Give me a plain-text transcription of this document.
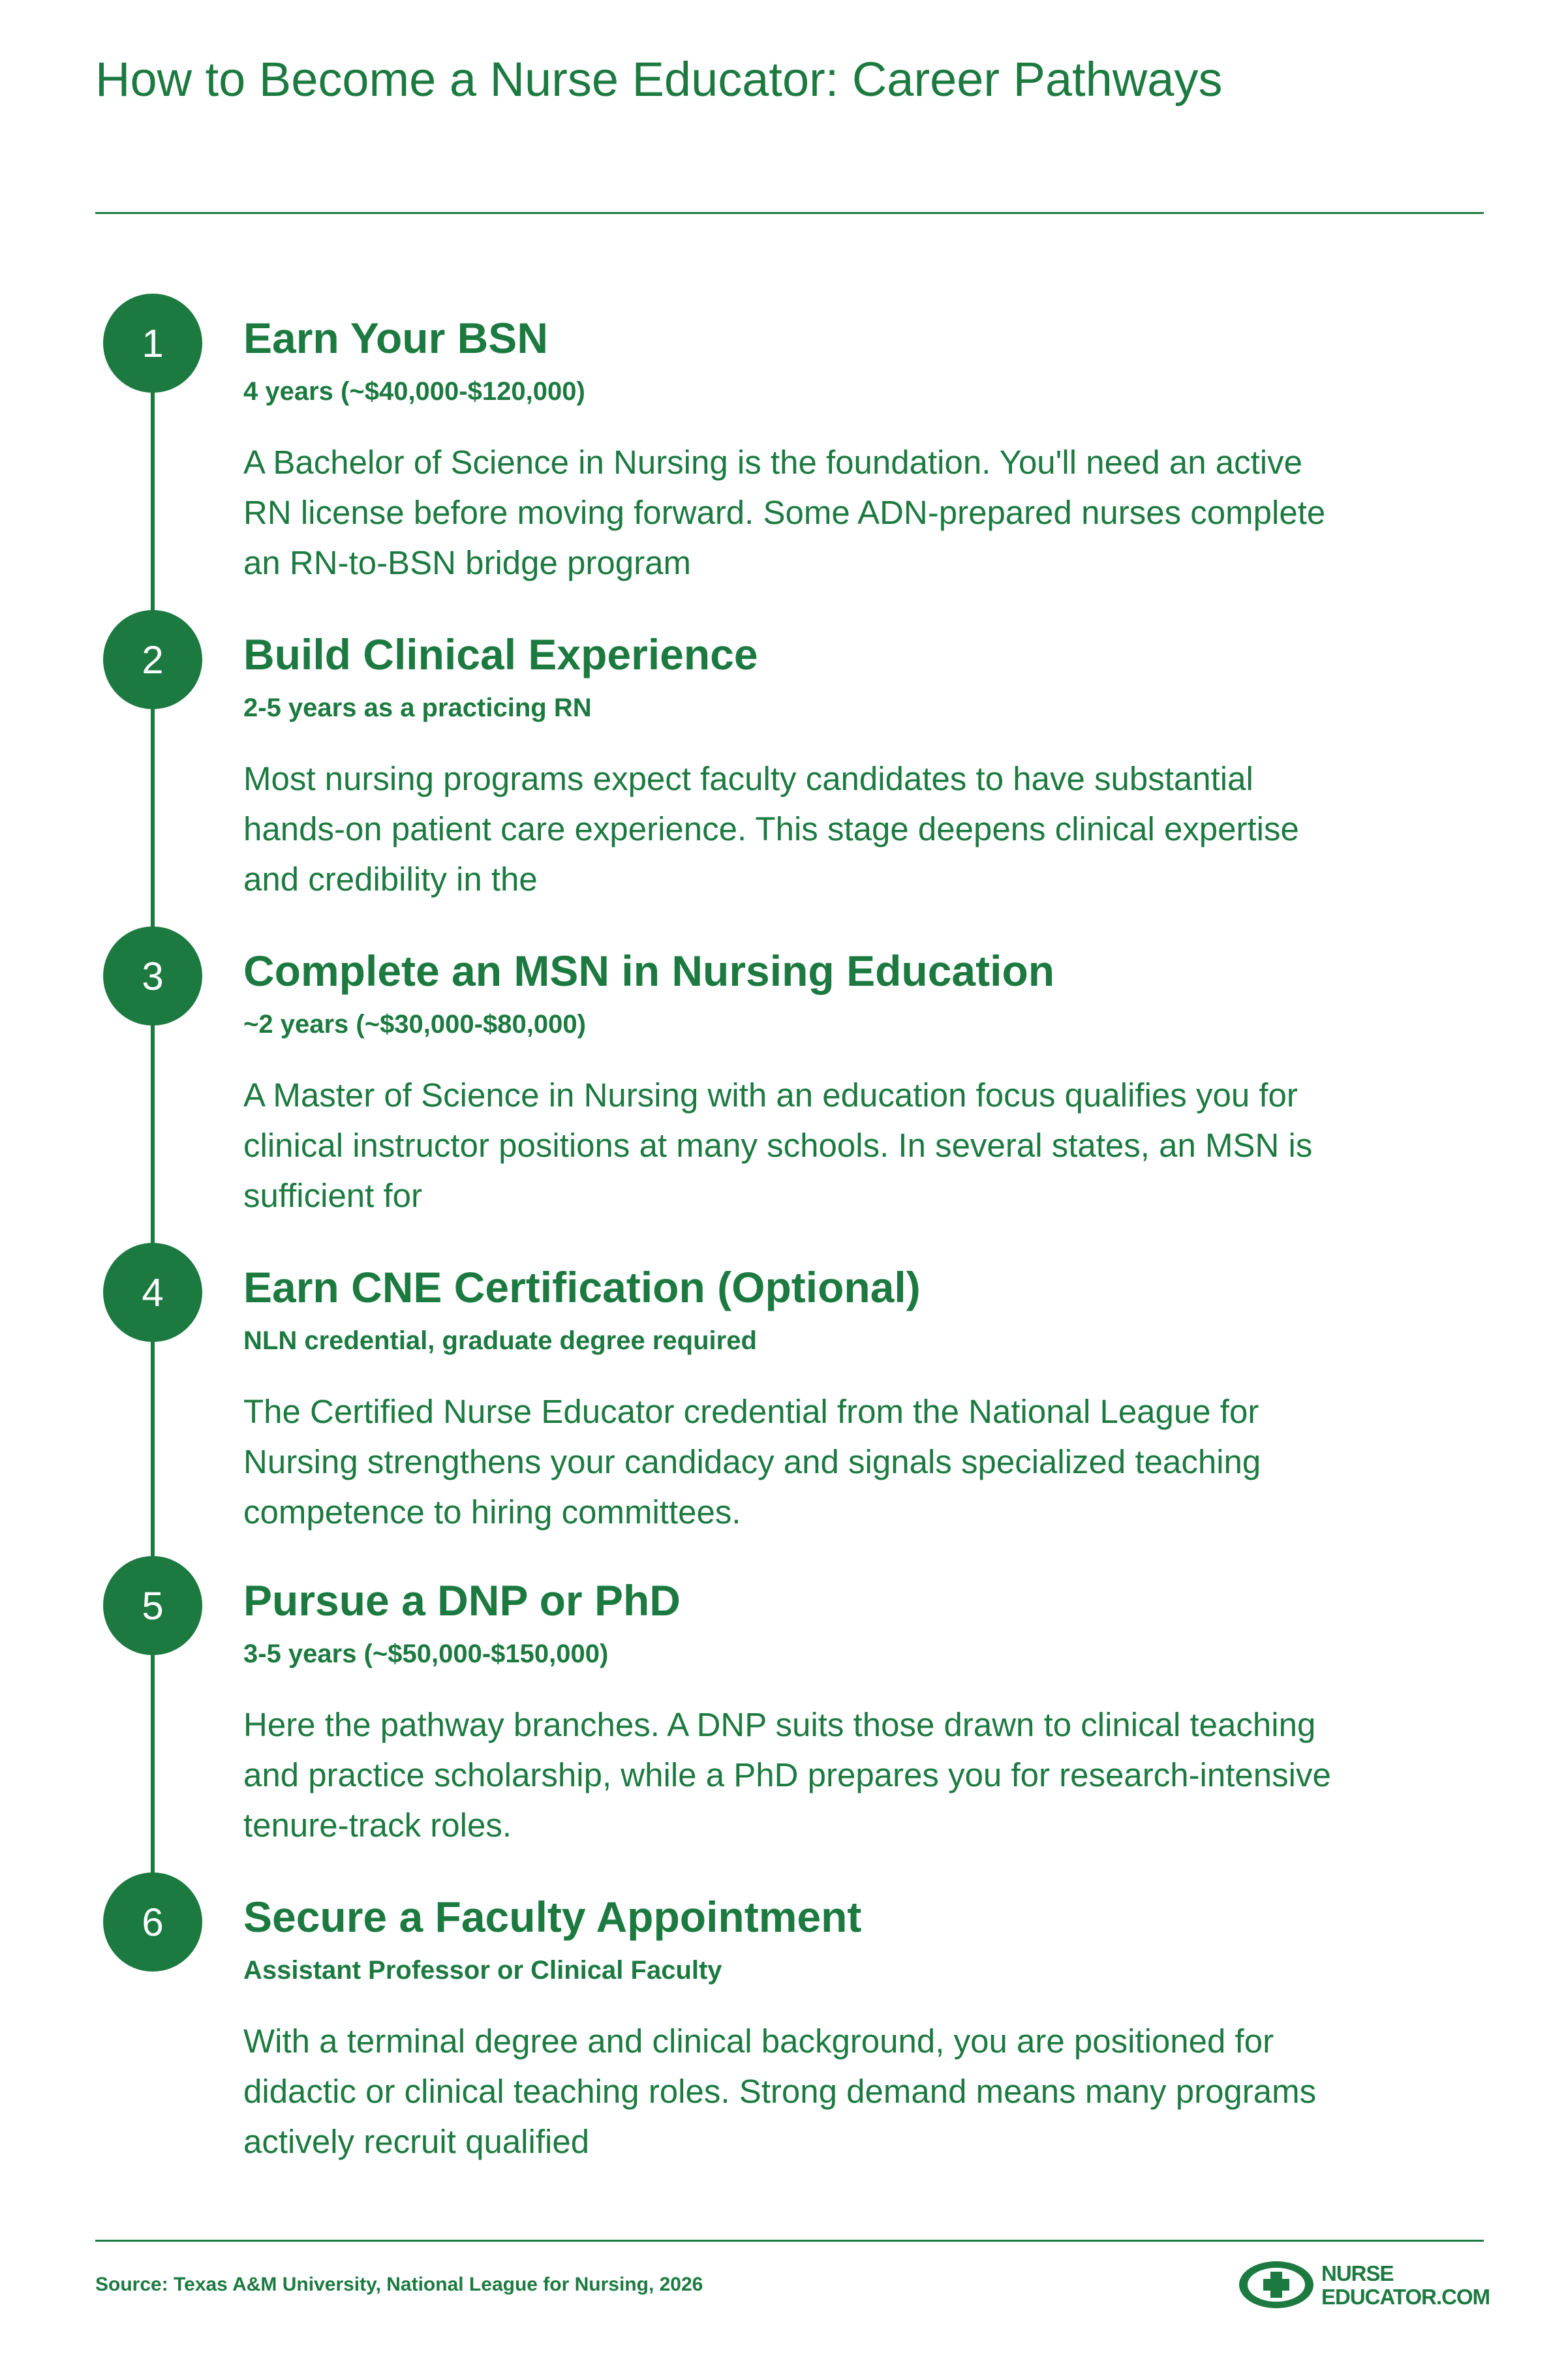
How to Become a Nurse Educator: Career Pathways
1	Earn Your BSN
4 years (~$40,000-$120,000)
A Bachelor of Science in Nursing is the foundation. You'll need an active RN license before moving forward. Some ADN-prepared nurses complete an RN-to-BSN bridge program
2	Build Clinical Experience
2-5 years as a practicing RN
Most nursing programs expect faculty candidates to have substantial hands-on patient care experience. This stage deepens clinical expertise and credibility in the
3	Complete an MSN in Nursing Education
~2 years (~$30,000-$80,000)
A Master of Science in Nursing with an education focus qualifies you for clinical instructor positions at many schools. In several states, an MSN is sufficient for
4	Earn CNE Certification (Optional)
NLN credential, graduate degree required
The Certified Nurse Educator credential from the National League for Nursing strengthens your candidacy and signals specialized teaching competence to hiring committees.
5	Pursue a DNP or PhD
3-5 years (~$50,000-$150,000)
Here the pathway branches. A DNP suits those drawn to clinical teaching and practice scholarship, while a PhD prepares you for research-intensive tenure-track roles.
6	Secure a Faculty Appointment
Assistant Professor or Clinical Faculty
With a terminal degree and clinical background, you are positioned for didactic or clinical teaching roles. Strong demand means many programs actively recruit qualified
Source: Texas A&M University, National League for Nursing, 2026	NURSE
EDUCATOR.COM
